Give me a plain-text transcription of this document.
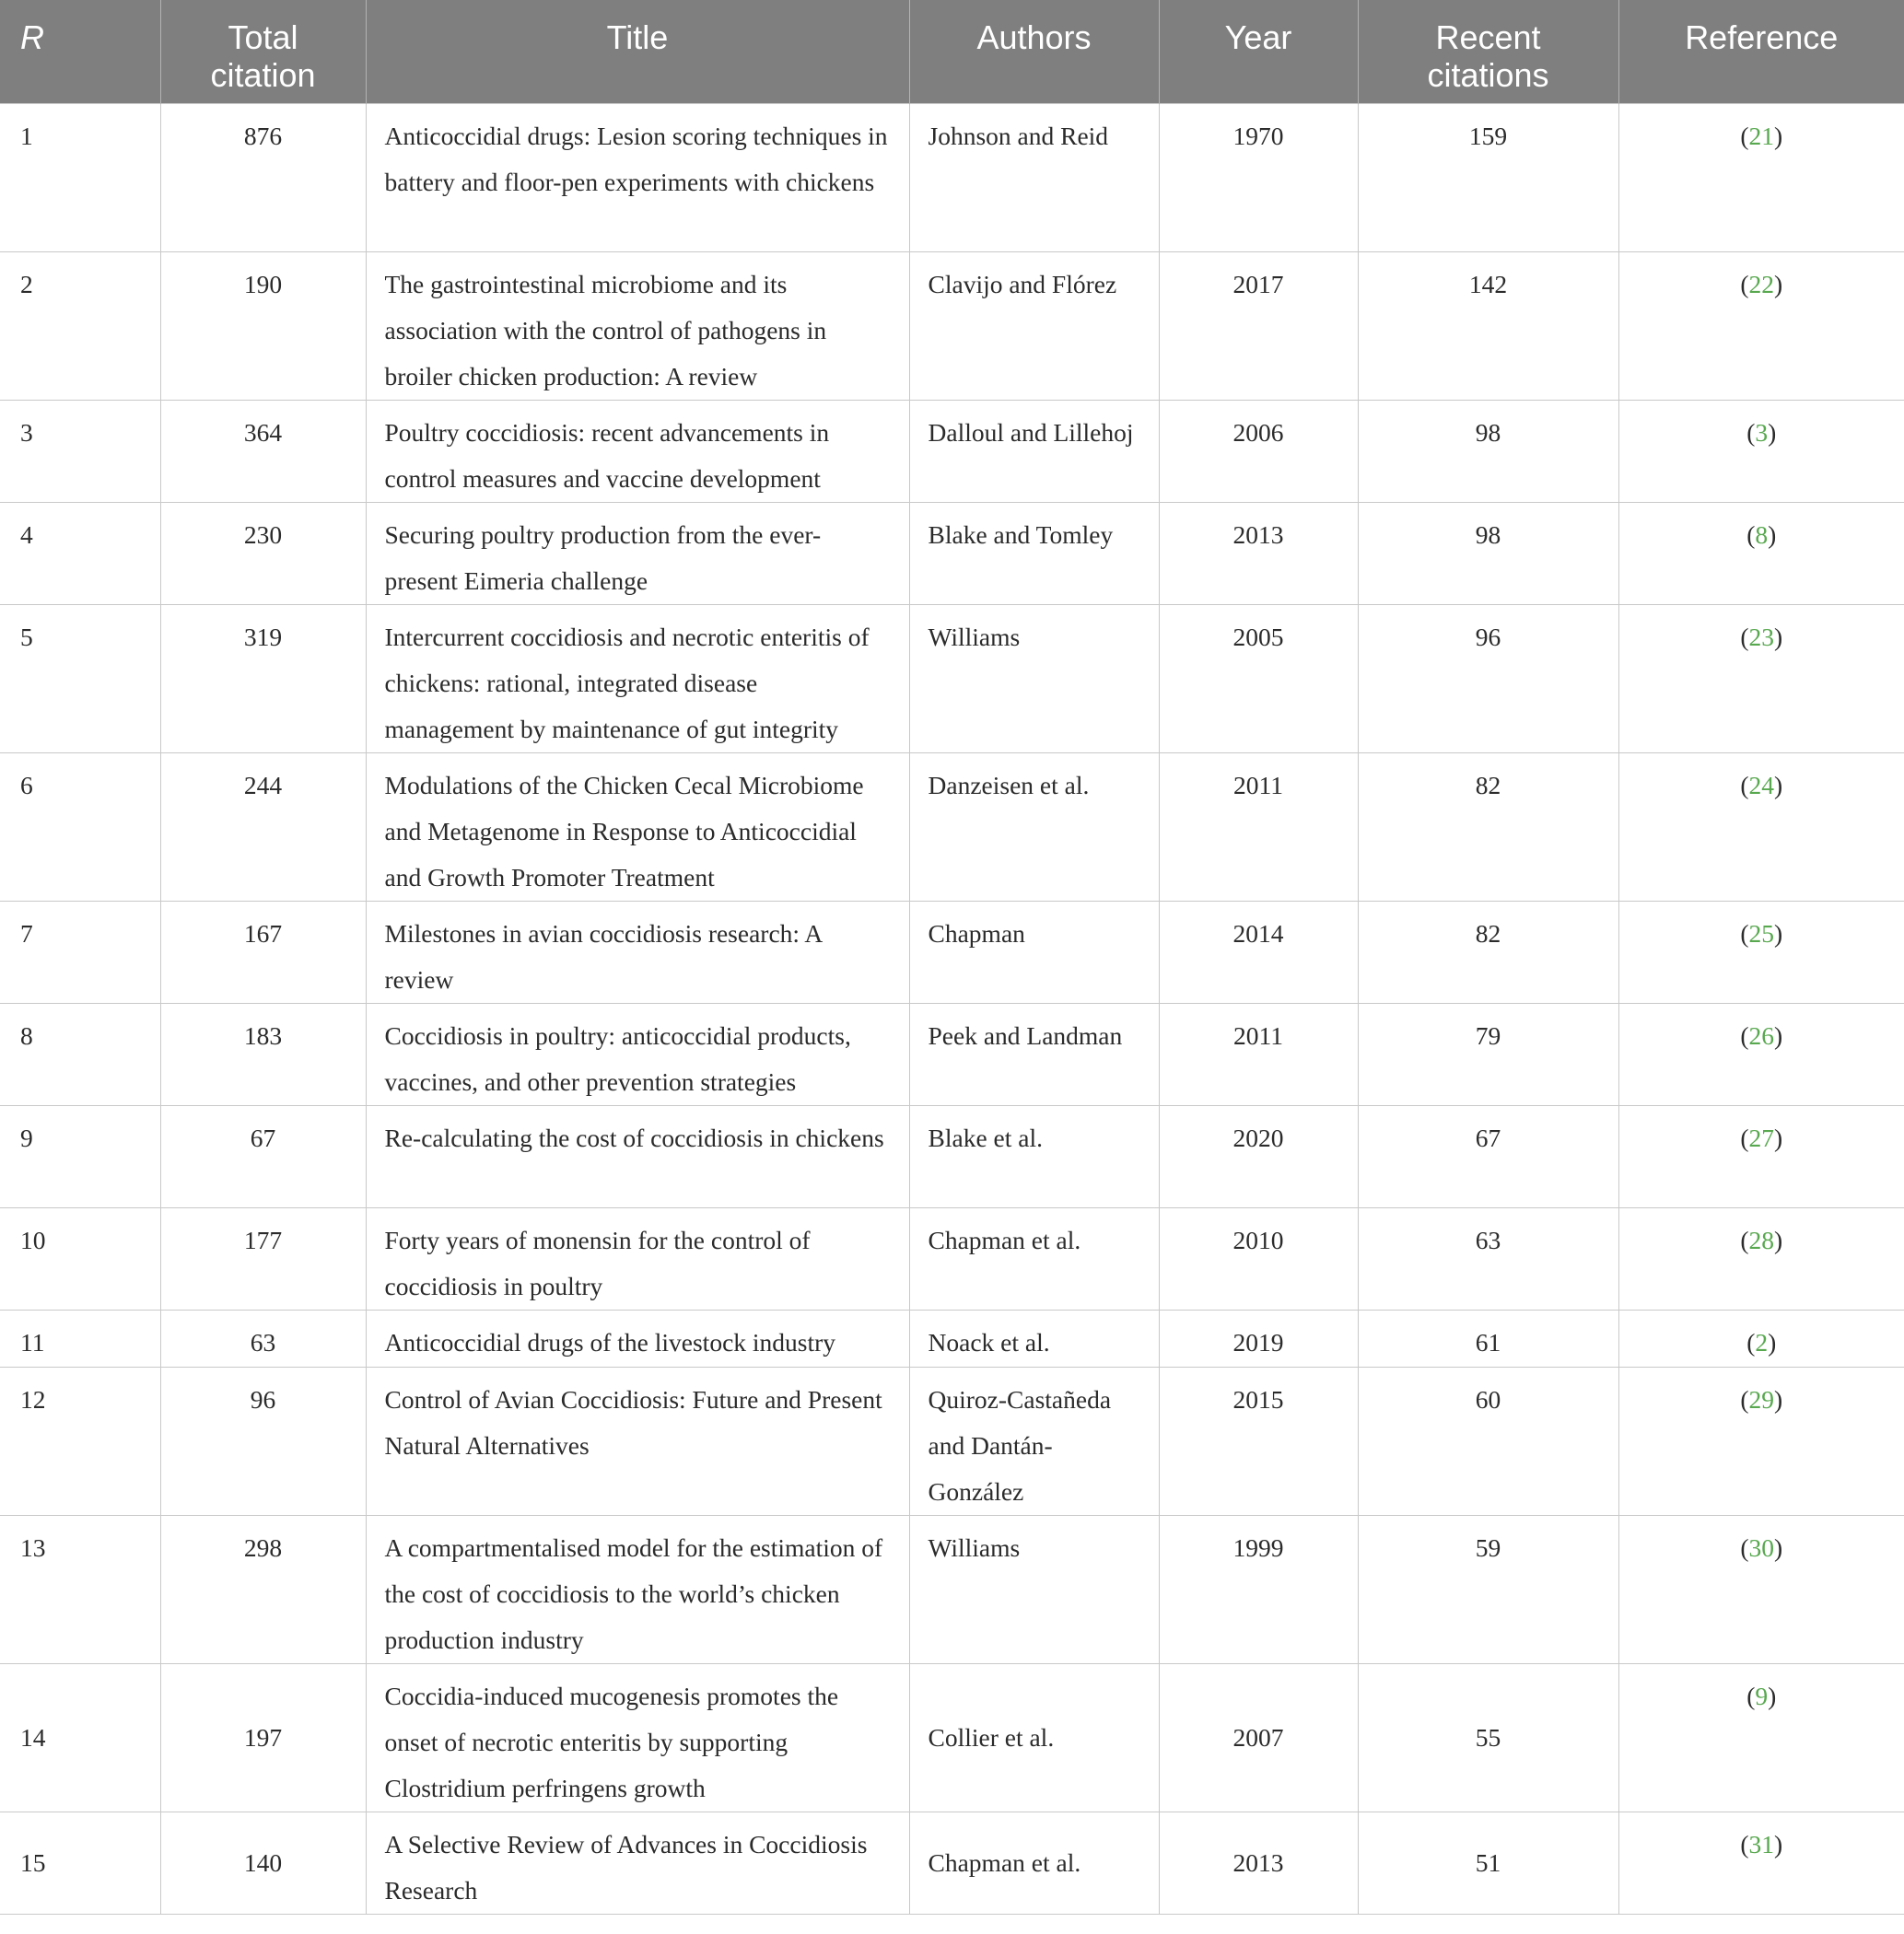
R	Total citation	Title	Authors	Year	Recent citations	Reference
1	876	Anticoccidial drugs: Lesion scoring techniques in battery and floor-pen experiments with chickens	Johnson and Reid	1970	159	(21)
2	190	The gastrointestinal microbiome and its association with the control of pathogens in broiler chicken production: A review	Clavijo and Flórez	2017	142	(22)
3	364	Poultry coccidiosis: recent advancements in control measures and vaccine development	Dalloul and Lillehoj	2006	98	(3)
4	230	Securing poultry production from the ever-present Eimeria challenge	Blake and Tomley	2013	98	(8)
5	319	Intercurrent coccidiosis and necrotic enteritis of chickens: rational, integrated disease management by maintenance of gut integrity	Williams	2005	96	(23)
6	244	Modulations of the Chicken Cecal Microbiome and Metagenome in Response to Anticoccidial and Growth Promoter Treatment	Danzeisen et al.	2011	82	(24)
7	167	Milestones in avian coccidiosis research: A review	Chapman	2014	82	(25)
8	183	Coccidiosis in poultry: anticoccidial products, vaccines, and other prevention strategies	Peek and Landman	2011	79	(26)
9	67	Re-calculating the cost of coccidiosis in chickens	Blake et al.	2020	67	(27)
10	177	Forty years of monensin for the control of coccidiosis in poultry	Chapman et al.	2010	63	(28)
11	63	Anticoccidial drugs of the livestock industry	Noack et al.	2019	61	(2)
12	96	Control of Avian Coccidiosis: Future and Present Natural Alternatives	Quiroz-Castañeda and Dantán-González	2015	60	(29)
13	298	A compartmentalised model for the estimation of the cost of coccidiosis to the world’s chicken production industry	Williams	1999	59	(30)
14	197	Coccidia-induced mucogenesis promotes the onset of necrotic enteritis by supporting Clostridium perfringens growth	Collier et al.	2007	55	(9)
15	140	A Selective Review of Advances in Coccidiosis Research	Chapman et al.	2013	51	(31)
